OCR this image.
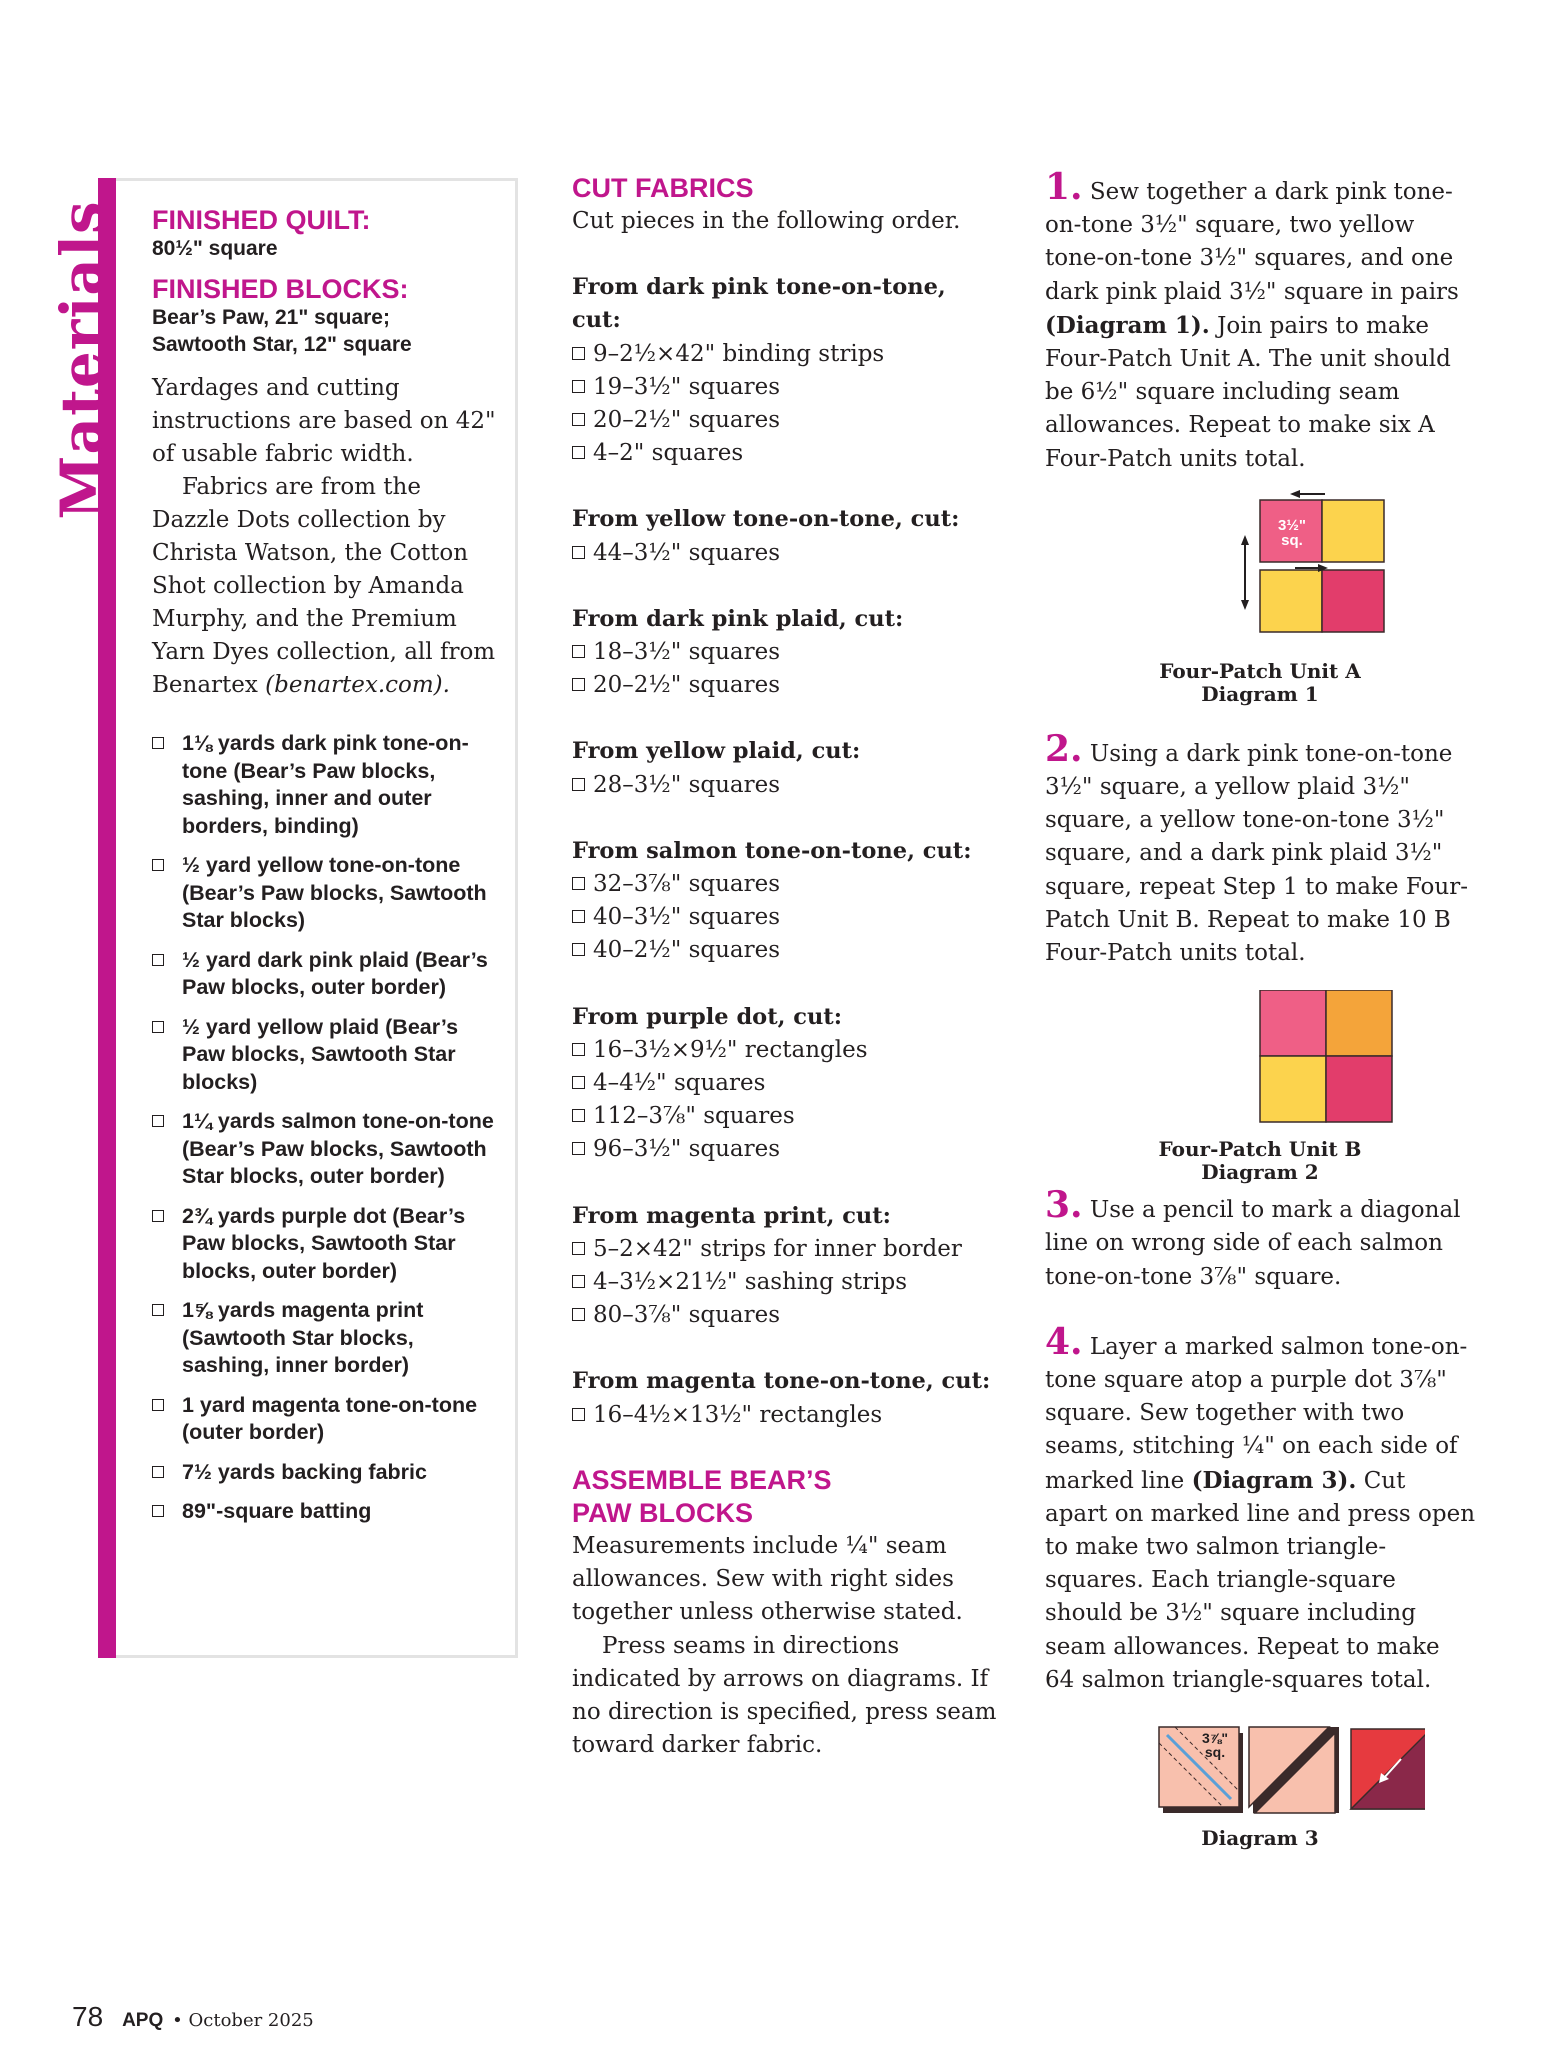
Materials FINISHED QUILT:
80½" square
FINISHED BLOCKS:
Bear’s Paw, 21" square;
Sawtooth Star, 12" square

Yardages and cutting instructions are based on 42" of usable fabric width.

Fabrics are from the Dazzle Dots collection by Christa Watson, the Cotton Shot collection by Amanda Murphy, and the Premium Yarn Dyes collection, all from Benartex (benartex.com).

1⅛ yards dark pink tone-on-tone (Bear’s Paw blocks, sashing, inner and outer borders, binding)
½ yard yellow tone-on-tone (Bear’s Paw blocks, Sawtooth Star blocks)
½ yard dark pink plaid (Bear’s Paw blocks, outer border)
½ yard yellow plaid (Bear’s Paw blocks, Sawtooth Star blocks)
1¼ yards salmon tone-on-tone (Bear’s Paw blocks, Sawtooth Star blocks, outer border)
2¾ yards purple dot (Bear’s Paw blocks, Sawtooth Star blocks, outer border)
1⅝ yards magenta print (Sawtooth Star blocks, sashing, inner border)
1 yard magenta tone-on-tone (outer border)
7½ yards backing fabric
89"-square batting
CUT FABRICS

Cut pieces in the following order.

From dark pink tone-on-tone, cut:
9–2½×42" binding strips
19–3½" squares
20–2½" squares
4–2" squares
From yellow tone-on-tone, cut:
44–3½" squares
From dark pink plaid, cut:
18–3½" squares
20–2½" squares
From yellow plaid, cut:
28–3½" squares
From salmon tone-on-tone, cut:
32–3⅞" squares
40–3½" squares
40–2½" squares
From purple dot, cut:
16–3½×9½" rectangles
4–4½" squares
112–3⅞" squares
96–3½" squares
From magenta print, cut:
5–2×42" strips for inner border
4–3½×21½" sashing strips
80–3⅞" squares
From magenta tone-on-tone, cut:
16–4½×13½" rectangles
ASSEMBLE BEAR’S
PAW BLOCKS

Measurements include ¼" seam allowances. Sew with right sides together unless otherwise stated.

Press seams in directions indicated by arrows on diagrams. If no direction is specified, press seam toward darker fabric.

1. Sew together a dark pink tone-on-tone 3½" square, two yellow tone-on-tone 3½" squares, and one dark pink plaid 3½" square in pairs (Diagram 1). Join pairs to make Four-Patch Unit A. The unit should be 6½" square including seam allowances. Repeat to make six A Four-Patch units total.

3½"
sq.
Four-Patch Unit A
Diagram 1

2. Using a dark pink tone-on-tone 3½" square, a yellow plaid 3½" square, a yellow tone-on-tone 3½" square, and a dark pink plaid 3½" square, repeat Step 1 to make Four-Patch Unit B. Repeat to make 10 B Four-Patch units total.

Four-Patch Unit B
Diagram 2

3. Use a pencil to mark a diagonal line on wrong side of each salmon tone-on-tone 3⅞" square.

4. Layer a marked salmon tone-on-tone square atop a purple dot 3⅞" square. Sew together with two seams, stitching ¼" on each side of marked line (Diagram 3). Cut apart on marked line and press open to make two salmon triangle-squares. Each triangle-square should be 3½" square including seam allowances. Repeat to make 64 salmon triangle-squares total.

3⅞"
sq.
Diagram 3
78 APQ • October 2025
